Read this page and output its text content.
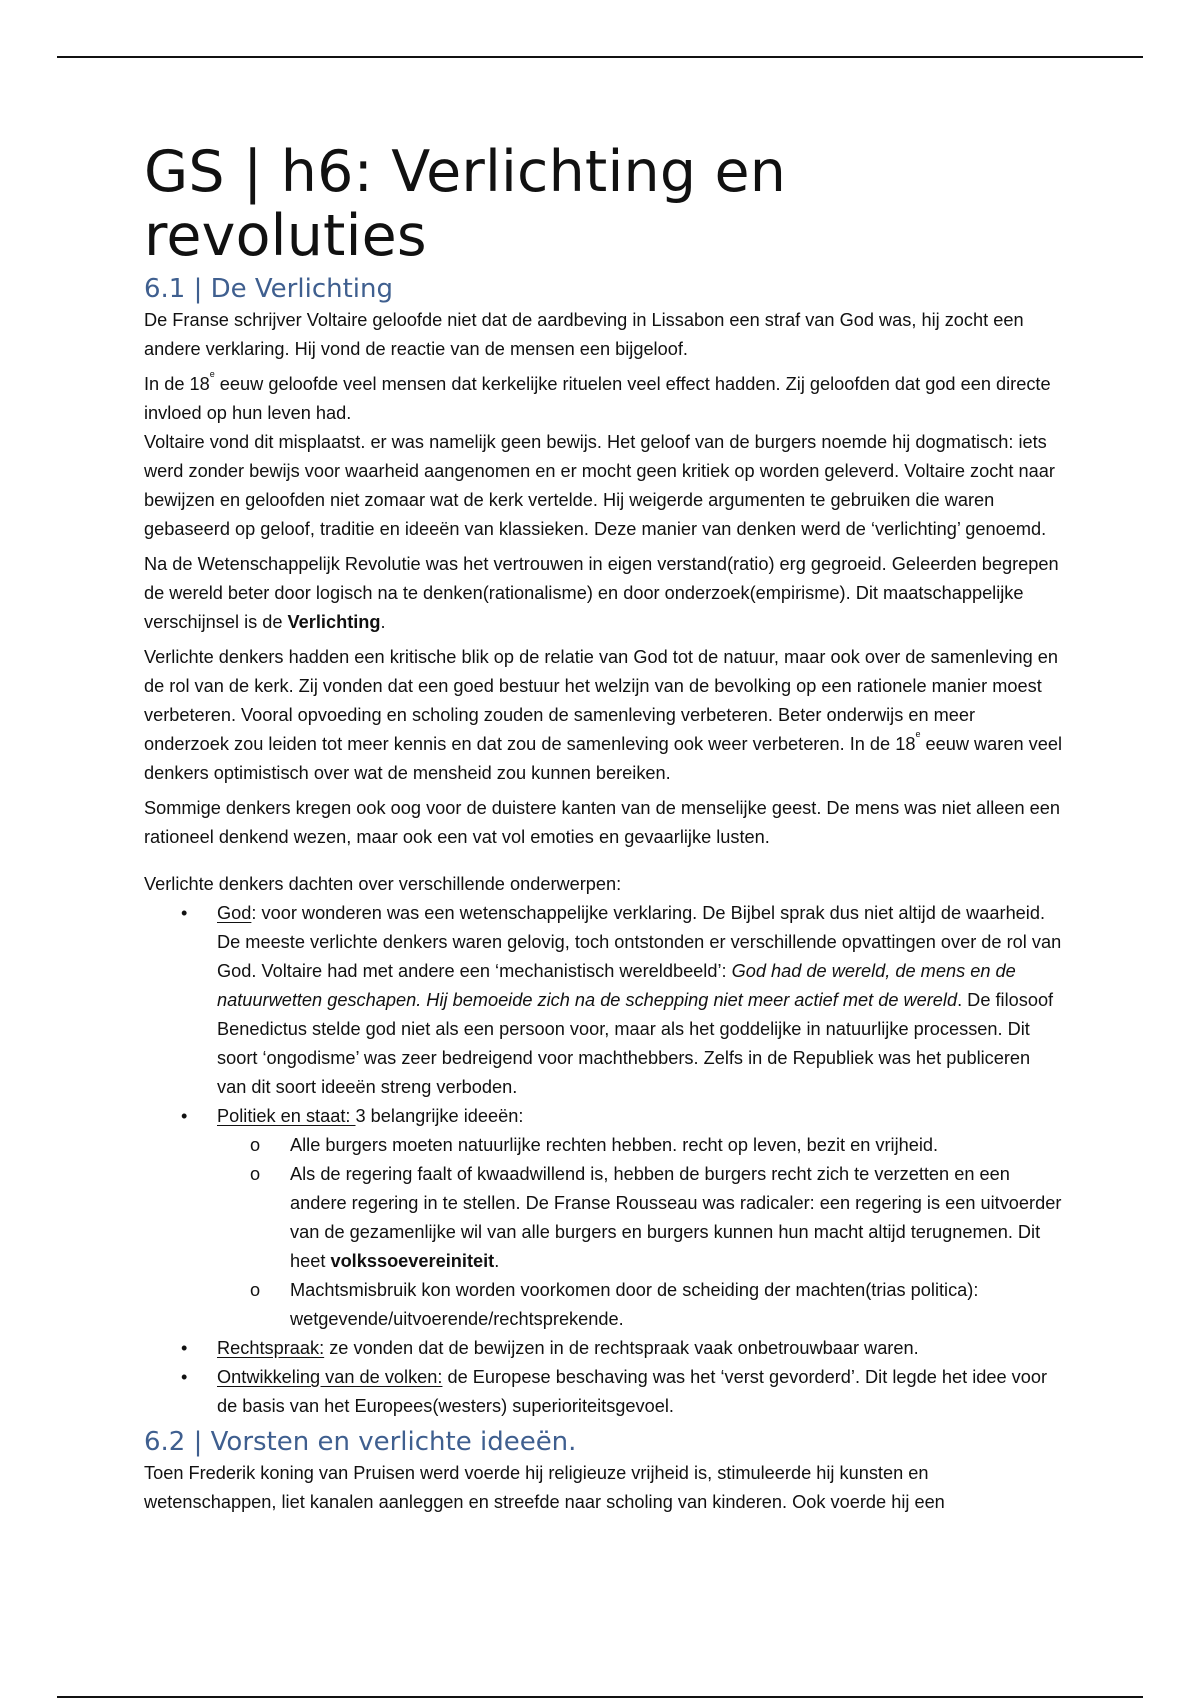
GS | h6: Verlichting en revoluties
6.1 | De Verlichting

De Franse schrijver Voltaire geloofde niet dat de aardbeving in Lissabon een straf van God was, hij zocht een andere verklaring. Hij vond de reactie van de mensen een bijgeloof.

In de 18e eeuw geloofde veel mensen dat kerkelijke rituelen veel effect hadden. Zij geloofden dat god een directe invloed op hun leven had.

Voltaire vond dit misplaatst. er was namelijk geen bewijs. Het geloof van de burgers noemde hij dogmatisch: iets werd zonder bewijs voor waarheid aangenomen en er mocht geen kritiek op worden geleverd. Voltaire zocht naar bewijzen en geloofden niet zomaar wat de kerk vertelde. Hij weigerde argumenten te gebruiken die waren gebaseerd op geloof, traditie en ideeën van klassieken. Deze manier van denken werd de ‘verlichting’ genoemd.

Na de Wetenschappelijk Revolutie was het vertrouwen in eigen verstand(ratio) erg gegroeid. Geleerden begrepen de wereld beter door logisch na te denken(rationalisme) en door onderzoek(empirisme). Dit maatschappelijke verschijnsel is de Verlichting.

Verlichte denkers hadden een kritische blik op de relatie van God tot de natuur, maar ook over de samenleving en de rol van de kerk. Zij vonden dat een goed bestuur het welzijn van de bevolking op een rationele manier moest verbeteren. Vooral opvoeding en scholing zouden de samenleving verbeteren. Beter onderwijs en meer onderzoek zou leiden tot meer kennis en dat zou de samenleving ook weer verbeteren. In de 18e eeuw waren veel denkers optimistisch over wat de mensheid zou kunnen bereiken.

Sommige denkers kregen ook oog voor de duistere kanten van de menselijke geest. De mens was niet alleen een rationeel denkend wezen, maar ook een vat vol emoties en gevaarlijke lusten.

Verlichte denkers dachten over verschillende onderwerpen:

• God: voor wonderen was een wetenschappelijke verklaring. De Bijbel sprak dus niet altijd de waarheid. De meeste verlichte denkers waren gelovig, toch ontstonden er verschillende opvattingen over de rol van God. Voltaire had met andere een ‘mechanistisch wereldbeeld’: God had de wereld, de mens en de natuurwetten geschapen. Hij bemoeide zich na de schepping niet meer actief met de wereld. De filosoof Benedictus stelde god niet als een persoon voor, maar als het goddelijke in natuurlijke processen. Dit soort ‘ongodisme’ was zeer bedreigend voor machthebbers. Zelfs in de Republiek was het publiceren van dit soort ideeën streng verboden.
• Politiek en staat: 3 belangrijke ideeën:
o	Alle burgers moeten natuurlijke rechten hebben. recht op leven, bezit en vrijheid.
o	Als de regering faalt of kwaadwillend is, hebben de burgers recht zich te verzetten en een andere regering in te stellen. De Franse Rousseau was radicaler: een regering is een uitvoerder van de gezamenlijke wil van alle burgers en burgers kunnen hun macht altijd terugnemen. Dit heet volkssoevereiniteit.
o	Machtsmisbruik kon worden voorkomen door de scheiding der machten(trias politica): wetgevende/uitvoerende/rechtsprekende.
• Rechtspraak: ze vonden dat de bewijzen in de rechtspraak vaak onbetrouwbaar waren.
• Ontwikkeling van de volken: de Europese beschaving was het ‘verst gevorderd’. Dit legde het idee voor de basis van het Europees(westers) superioriteitsgevoel.
6.2 | Vorsten en verlichte ideeën.

Toen Frederik koning van Pruisen werd voerde hij religieuze vrijheid is, stimuleerde hij kunsten en wetenschappen, liet kanalen aanleggen en streefde naar scholing van kinderen. Ook voerde hij een
